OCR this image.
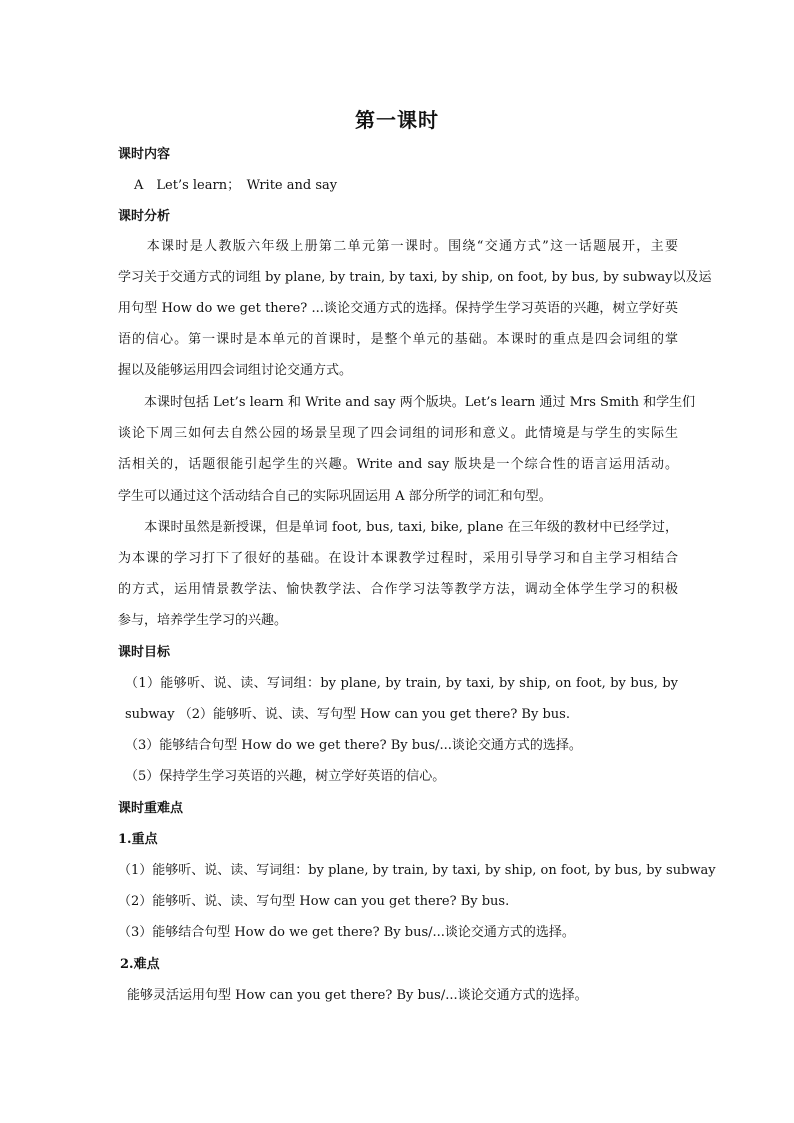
第一课时
课时内容
A　Let’s learn；　Write and say
课时分析
　　本课时是人教版六年级上册第二单元第一课时。围绕“交通方式”这一话题展开，主要
学习关于交通方式的词组 by plane, by train, by taxi, by ship, on foot, by bus, by subway以及运
用句型 How do we get there? ...谈论交通方式的选择。保持学生学习英语的兴趣，树立学好英
语的信心。第一课时是本单元的首课时，是整个单元的基础。本课时的重点是四会词组的掌
握以及能够运用四会词组讨论交通方式。
　　本课时包括 Let’s learn 和 Write and say 两个版块。Let’s learn 通过 Mrs Smith 和学生们
谈论下周三如何去自然公园的场景呈现了四会词组的词形和意义。此情境是与学生的实际生
活相关的，话题很能引起学生的兴趣。Write and say 版块是一个综合性的语言运用活动。
学生可以通过这个活动结合自己的实际巩固运用 A 部分所学的词汇和句型。
　　本课时虽然是新授课，但是单词 foot, bus, taxi, bike, plane 在三年级的教材中已经学过，
为本课的学习打下了很好的基础。在设计本课教学过程时，采用引导学习和自主学习相结合
的方式，运用情景教学法、愉快教学法、合作学习法等教学方法，调动全体学生学习的积极
参与，培养学生学习的兴趣。
课时目标
（1）能够听、说、读、写词组：by plane, by train, by taxi, by ship, on foot, by bus, by
subway （2）能够听、说、读、写句型 How can you get there? By bus.
（3）能够结合句型 How do we get there? By bus/...谈论交通方式的选择。
（5）保持学生学习英语的兴趣，树立学好英语的信心。
课时重难点
1.重点
（1）能够听、说、读、写词组：by plane, by train, by taxi, by ship, on foot, by bus, by subway
（2）能够听、说、读、写句型 How can you get there? By bus.
（3）能够结合句型 How do we get there? By bus/...谈论交通方式的选择。
2.难点
能够灵活运用句型 How can you get there? By bus/...谈论交通方式的选择。
